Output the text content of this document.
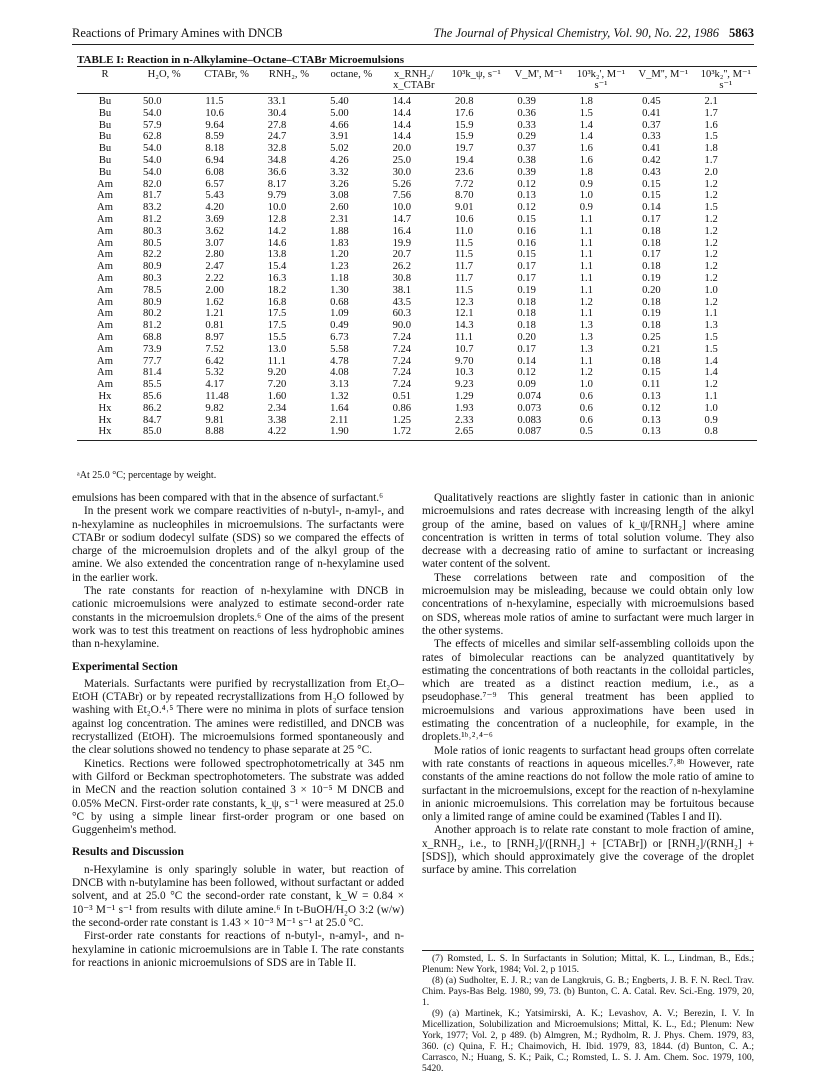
Reactions of Primary Amines with DNCB	The Journal of Physical Chemistry, Vol. 90, No. 22, 1986 5863
TABLE I: Reaction in n-Alkylamine–Octane–CTABr Microemulsions
R	H₂O, %	CTABr, %	RNH₂, %	octane, %	x_RNH₂/ x_CTABr	10³k_ψ, s⁻¹	V_M', M⁻¹	10³k₂', M⁻¹ s⁻¹	V_M'', M⁻¹	10³k₂'', M⁻¹ s⁻¹
Bu	50.0	11.5	33.1	5.40	14.4	20.8	0.39	1.8	0.45	2.1
Bu	54.0	10.6	30.4	5.00	14.4	17.6	0.36	1.5	0.41	1.7
Bu	57.9	9.64	27.8	4.66	14.4	15.9	0.33	1.4	0.37	1.6
Bu	62.8	8.59	24.7	3.91	14.4	15.9	0.29	1.4	0.33	1.5
Bu	54.0	8.18	32.8	5.02	20.0	19.7	0.37	1.6	0.41	1.8
Bu	54.0	6.94	34.8	4.26	25.0	19.4	0.38	1.6	0.42	1.7
Bu	54.0	6.08	36.6	3.32	30.0	23.6	0.39	1.8	0.43	2.0
Am	82.0	6.57	8.17	3.26	5.26	7.72	0.12	0.9	0.15	1.2
Am	81.7	5.43	9.79	3.08	7.56	8.70	0.13	1.0	0.15	1.2
Am	83.2	4.20	10.0	2.60	10.0	9.01	0.12	0.9	0.14	1.5
Am	81.2	3.69	12.8	2.31	14.7	10.6	0.15	1.1	0.17	1.2
Am	80.3	3.62	14.2	1.88	16.4	11.0	0.16	1.1	0.18	1.2
Am	80.5	3.07	14.6	1.83	19.9	11.5	0.16	1.1	0.18	1.2
Am	82.2	2.80	13.8	1.20	20.7	11.5	0.15	1.1	0.17	1.2
Am	80.9	2.47	15.4	1.23	26.2	11.7	0.17	1.1	0.18	1.2
Am	80.3	2.22	16.3	1.18	30.8	11.7	0.17	1.1	0.19	1.2
Am	78.5	2.00	18.2	1.30	38.1	11.5	0.19	1.1	0.20	1.0
Am	80.9	1.62	16.8	0.68	43.5	12.3	0.18	1.2	0.18	1.2
Am	80.2	1.21	17.5	1.09	60.3	12.1	0.18	1.1	0.19	1.1
Am	81.2	0.81	17.5	0.49	90.0	14.3	0.18	1.3	0.18	1.3
Am	68.8	8.97	15.5	6.73	7.24	11.1	0.20	1.3	0.25	1.5
Am	73.9	7.52	13.0	5.58	7.24	10.7	0.17	1.3	0.21	1.5
Am	77.7	6.42	11.1	4.78	7.24	9.70	0.14	1.1	0.18	1.4
Am	81.4	5.32	9.20	4.08	7.24	10.3	0.12	1.2	0.15	1.4
Am	85.5	4.17	7.20	3.13	7.24	9.23	0.09	1.0	0.11	1.2
Hx	85.6	11.48	1.60	1.32	0.51	1.29	0.074	0.6	0.13	1.1
Hx	86.2	9.82	2.34	1.64	0.86	1.93	0.073	0.6	0.12	1.0
Hx	84.7	9.81	3.38	2.11	1.25	2.33	0.083	0.6	0.13	0.9
Hx	85.0	8.88	4.22	1.90	1.72	2.65	0.087	0.5	0.13	0.8
ᵃAt 25.0 °C; percentage by weight.

emulsions has been compared with that in the absence of surfactant.⁶

In the present work we compare reactivities of n-butyl-, n-amyl-, and n-hexylamine as nucleophiles in microemulsions. The surfactants were CTABr or sodium dodecyl sulfate (SDS) so we compared the effects of charge of the microemulsion droplets and of the alkyl group of the amine. We also extended the concentration range of n-hexylamine used in the earlier work.

The rate constants for reaction of n-hexylamine with DNCB in cationic microemulsions were analyzed to estimate second-order rate constants in the microemulsion droplets.⁶ One of the aims of the present work was to test this treatment on reactions of less hydrophobic amines than n-hexylamine.

Experimental Section

Materials. Surfactants were purified by recrystallization from Et₂O–EtOH (CTABr) or by repeated recrystallizations from H₂O followed by washing with Et₂O.⁴˒⁵ There were no minima in plots of surface tension against log concentration. The amines were redistilled, and DNCB was recrystallized (EtOH). The microemulsions formed spontaneously and the clear solutions showed no tendency to phase separate at 25 °C.

Kinetics. Rections were followed spectrophotometrically at 345 nm with Gilford or Beckman spectrophotometers. The substrate was added in MeCN and the reaction solution contained 3 × 10⁻⁵ M DNCB and 0.05% MeCN. First-order rate constants, k_ψ, s⁻¹ were measured at 25.0 °C by using a simple linear first-order program or one based on Guggenheim's method.

Results and Discussion

n-Hexylamine is only sparingly soluble in water, but reaction of DNCB with n-butylamine has been followed, without surfactant or added solvent, and at 25.0 °C the second-order rate constant, k_W = 0.84 × 10⁻³ M⁻¹ s⁻¹ from results with dilute amine.⁶ In t-BuOH/H₂O 3:2 (w/w) the second-order rate constant is 1.43 × 10⁻³ M⁻¹ s⁻¹ at 25.0 °C.

First-order rate constants for reactions of n-butyl-, n-amyl-, and n-hexylamine in cationic microemulsions are in Table I. The rate constants for reactions in anionic microemulsions of SDS are in Table II.

Qualitatively reactions are slightly faster in cationic than in anionic microemulsions and rates decrease with increasing length of the alkyl group of the amine, based on values of k_ψ/[RNH₂] where amine concentration is written in terms of total solution volume. They also decrease with a decreasing ratio of amine to surfactant or increasing water content of the solvent.

These correlations between rate and composition of the microemulsion may be misleading, because we could obtain only low concentrations of n-hexylamine, especially with microemulsions based on SDS, whereas mole ratios of amine to surfactant were much larger in the other systems.

The effects of micelles and similar self-assembling colloids upon the rates of bimolecular reactions can be analyzed quantitatively by estimating the concentrations of both reactants in the colloidal particles, which are treated as a distinct reaction medium, i.e., as a pseudophase.⁷⁻⁹ This general treatment has been applied to microemulsions and various approximations have been used in estimating the concentration of a nucleophile, for example, in the droplets.¹ᵇ˒²˒⁴⁻⁶

Mole ratios of ionic reagents to surfactant head groups often correlate with rate constants of reactions in aqueous micelles.⁷˒⁸ᵇ However, rate constants of the amine reactions do not follow the mole ratio of amine to surfactant in the microemulsions, except for the reaction of n-hexylamine in anionic microemulsions. This correlation may be fortuitous because only a limited range of amine could be examined (Tables I and II).

Another approach is to relate rate constant to mole fraction of amine, x_RNH₂, i.e., to [RNH₂]/([RNH₂] + [CTABr]) or [RNH₂]/(RNH₂] + [SDS]), which should approximately give the coverage of the droplet surface by amine. This correlation

(7) Romsted, L. S. In Surfactants in Solution; Mittal, K. L., Lindman, B., Eds.; Plenum: New York, 1984; Vol. 2, p 1015.

(8) (a) Sudholter, E. J. R.; van de Langkruis, G. B.; Engberts, J. B. F. N. Recl. Trav. Chim. Pays-Bas Belg. 1980, 99, 73. (b) Bunton, C. A. Catal. Rev. Sci.-Eng. 1979, 20, 1.

(9) (a) Martinek, K.; Yatsimirski, A. K.; Levashov, A. V.; Berezin, I. V. In Micellization, Solubilization and Microemulsions; Mittal, K. L., Ed.; Plenum: New York, 1977; Vol. 2, p 489. (b) Almgren, M.; Rydholm, R. J. Phys. Chem. 1979, 83, 360. (c) Quina, F. H.; Chaimovich, H. Ibid. 1979, 83, 1844. (d) Bunton, C. A.; Carrasco, N.; Huang, S. K.; Paik, C.; Romsted, L. S. J. Am. Chem. Soc. 1979, 100, 5420.
